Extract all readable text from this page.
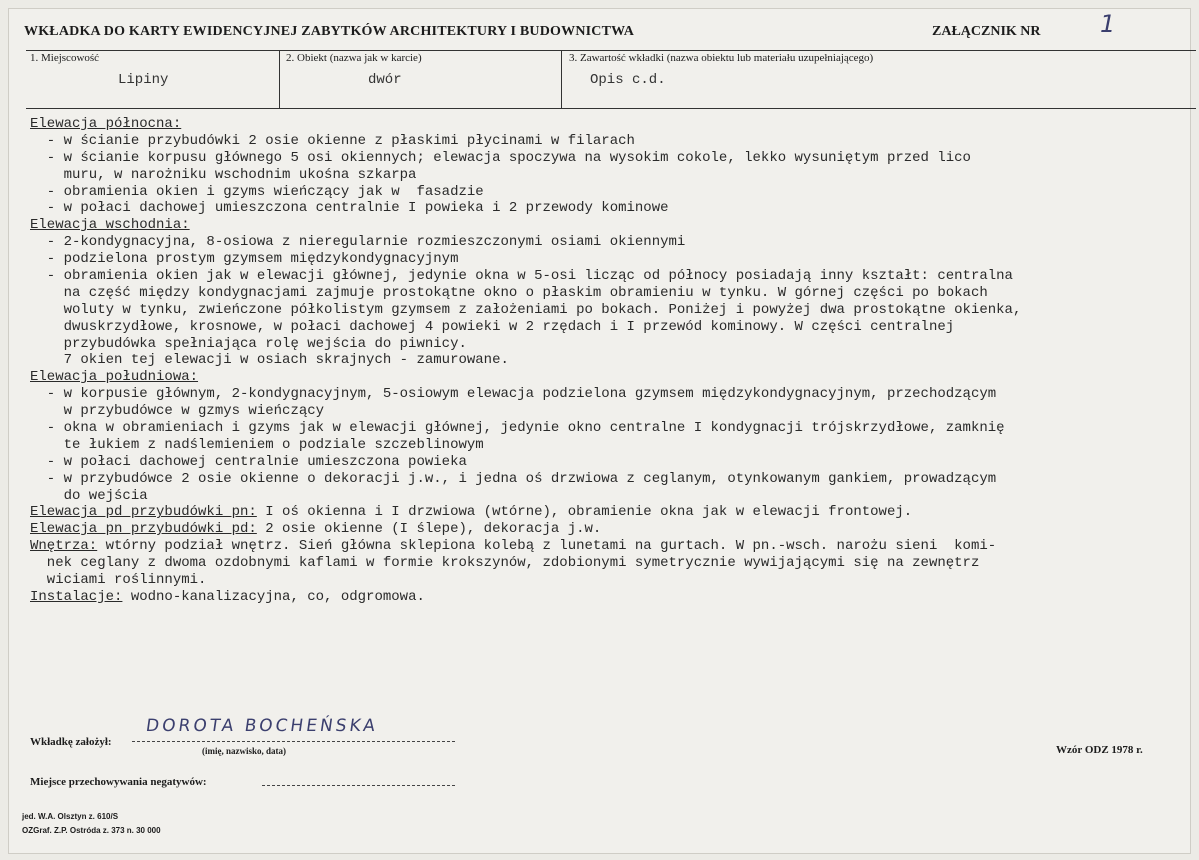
WKŁADKA DO KARTY EWIDENCYJNEJ ZABYTKÓW ARCHITEKTURY I BUDOWNICTWA	ZAŁĄCZNIK NR 1
1. Miejscowość
Lipiny
2. Obiekt (nazwa jak w karcie)
dwór
3. Zawartość wkładki (nazwa obiektu lub materiału uzupełniającego)
Opis c.d.
Elewacja północna:
- w ścianie przybudówki 2 osie okienne z płaskimi płycinami w filarach
- w ścianie korpusu głównego 5 osi okiennych; elewacja spoczywa na wysokim cokole, lekko wysuniętym przed lico
muru, w narożniku wschodnim ukośna szkarpa
- obramienia okien i gzyms wieńczący jak w  fasadzie
- w połaci dachowej umieszczona centralnie I powieka i 2 przewody kominowe
Elewacja wschodnia:
- 2-kondygnacyjna, 8-osiowa z nieregularnie rozmieszczonymi osiami okiennymi
- podzielona prostym gzymsem międzykondygnacyjnym
- obramienia okien jak w elewacji głównej, jedynie okna w 5-osi licząc od północy posiadają inny kształt: centralna
na część między kondygnacjami zajmuje prostokątne okno o płaskim obramieniu w tynku. W górnej części po bokach
woluty w tynku, zwieńczone półkolistym gzymsem z założeniami po bokach. Poniżej i powyżej dwa prostokątne okienka,
dwuskrzydłowe, krosnowe, w połaci dachowej 4 powieki w 2 rzędach i I przewód kominowy. W części centralnej
przybudówka spełniająca rolę wejścia do piwnicy.
7 okien tej elewacji w osiach skrajnych - zamurowane.
Elewacja południowa:
- w korpusie głównym, 2-kondygnacyjnym, 5-osiowym elewacja podzielona gzymsem międzykondygnacyjnym, przechodzącym
w przybudówce w gzmys wieńczący
- okna w obramieniach i gzyms jak w elewacji głównej, jedynie okno centralne I kondygnacji trójskrzydłowe, zamknię
te łukiem z nadślemieniem o podziale szczeblinowym
- w połaci dachowej centralnie umieszczona powieka
- w przybudówce 2 osie okienne o dekoracji j.w., i jedna oś drzwiowa z ceglanym, otynkowanym gankiem, prowadzącym
do wejścia
Elewacja pd przybudówki pn: I oś okienna i I drzwiowa (wtórne), obramienie okna jak w elewacji frontowej.
Elewacja pn przybudówki pd: 2 osie okienne (I ślepe), dekoracja j.w.
Wnętrza: wtórny podział wnętrz. Sień główna sklepiona kolebą z lunetami na gurtach. W pn.-wsch. narożu sieni  komi-
nek ceglany z dwoma ozdobnymi kaflami w formie krokszynów, zdobionymi symetrycznie wywijającymi się na zewnętrz
wiciami roślinnymi.
Instalacje: wodno-kanalizacyjna, co, odgromowa.
Wkładkę założył:
DOROTA BOCHEŃSKA
(imię, nazwisko, data)	Wzór ODZ 1978 r.
Miejsce przechowywania negatywów:
jed. W.A. Olsztyn z. 610/S
OZGraf. Z.P. Ostróda z. 373 n. 30 000
